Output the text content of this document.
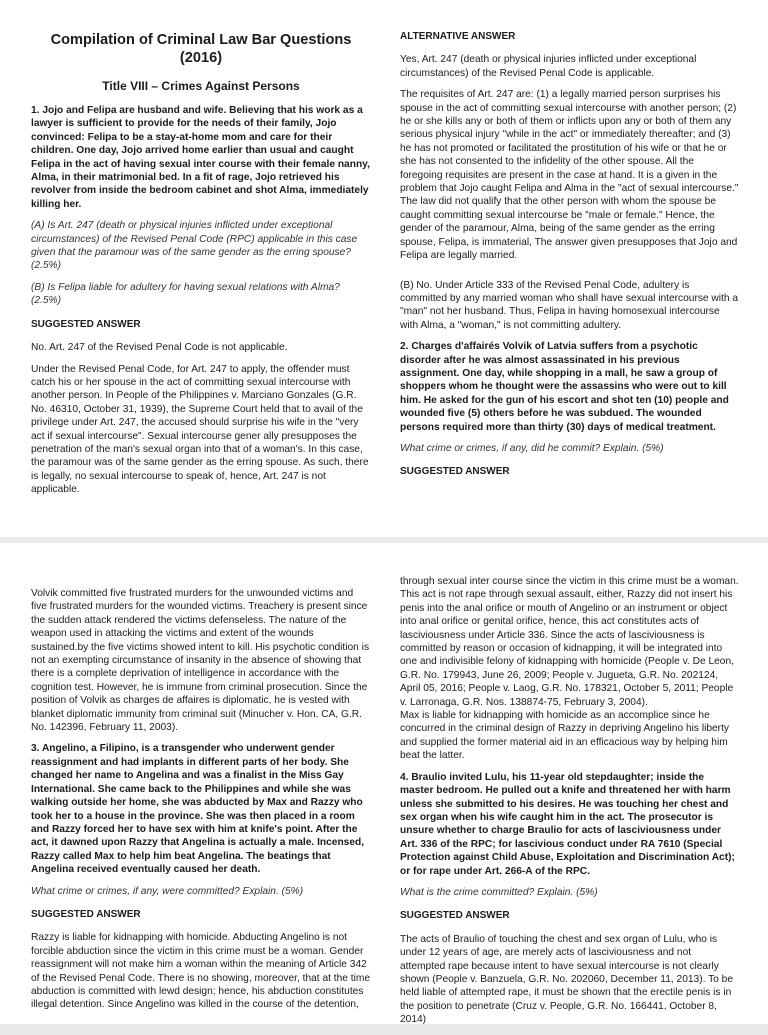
Compilation of Criminal Law Bar Questions (2016)
Title VIII – Crimes Against Persons

1. Jojo and Felipa are husband and wife. Believing that his work as a lawyer is sufficient to provide for the needs of their family, Jojo convinced: Felipa to be a stay-at-home mom and care for their children. One day, Jojo arrived home earlier than usual and caught Felipa in the act of having sexual inter course with their female nanny, Alma, in their matrimonial bed. In a fit of rage, Jojo retrieved his revolver from inside the bedroom cabinet and shot Alma, immediately killing her.

(A) Is Art. 247 (death or physical injuries inflicted under exceptional circumstances) of the Revised Penal Code (RPC) applicable in this case given that the paramour was of the same gender as the erring spouse? (2.5%)

(B) Is Felipa liable for adultery for having sexual relations with Alma? (2.5%)

SUGGESTED ANSWER

No. Art. 247 of the Revised Penal Code is not applicable.

Under the Revised Penal Code, for Art. 247 to apply, the offender must catch his or her spouse in the act of committing sexual intercourse with another person. In People of the Philippines v. Marciano Gonzales (G.R. No. 46310, October 31, 1939), the Supreme Court held that to avail of the privilege under Art. 247, the accused should surprise his wife in the "very act if sexual intercourse". Sexual intercourse gener ally presupposes the penetration of the man's sexual organ into that of a woman's. In this case, the paramour was of the same gender as the erring spouse. As such, there is legally, no sexual intercourse to speak of, hence, Art. 247 is not applicable.

ALTERNATIVE ANSWER

Yes, Art. 247 (death or physical injuries inflicted under exceptional circumstances) of the Revised Penal Code is applicable.

The requisites of Art. 247 are: (1) a legally married person surprises his spouse in the act of committing sexual intercourse with another person; (2) he or she kills any or both of them or inflicts upon any or both of them any serious physical injury "while in the act" or immediately thereafter; and (3) he has not promoted or facilitated the prostitution of his wife or that he or she has not consented to the infidelity of the other spouse. All the foregoing requisites are present in the case at hand. It is a given in the problem that Jojo caught Felipa and Alma in the "act of sexual intercourse." The law did not qualify that the other person with whom the spouse be caught committing sexual intercourse be "male or female." Hence, the gender of the paramour, Alma, being of the same gender as the erring spouse, Felipa, is immaterial, The answer given presupposes that Jojo and Felipa are legally married.

(B) No. Under Article 333 of the Revised Penal Code, adultery is committed by any married woman who shall have sexual intercourse with a "man" not her husband. Thus, Felipa in having homosexual intercourse with Alma, a "woman," is not committing adultery.

2. Charges d'affairés Volvik of Latvia suffers from a psychotic disorder after he was almost assassinated in his previous assignment. One day, while shopping in a mall, he saw a group of shoppers whom he thought were the assassins who were out to kill him. He asked for the gun of his escort and shot ten (10) people and wounded five (5) others before he was subdued. The wounded persons required more than thirty (30) days of medical treatment.

What crime or crimes, if any, did he commit? Explain. (5%)

SUGGESTED ANSWER

Volvik committed five frustrated murders for the unwounded victims and five frustrated murders for the wounded victims. Treachery is present since the sudden attack rendered the victims defenseless. The nature of the weapon used in attacking the victims and extent of the wounds sustained.by the five victims showed intent to kill. His psychotic condition is not an exempting circumstance of insanity in the absence of showing that there is a complete deprivation of intelligence in accordance with the cognition test. However, he is immune from criminal prosecution. Since the position of Volvik as charges de affaires is diplomatic, he is vested with blanket diplomatic immunity from criminal suit (Minucher v. Hon. CA, G.R. No. 142396, February 11, 2003).

3. Angelino, a Filipino, is a transgender who underwent gender reassignment and had implants in different parts of her body. She changed her name to Angelina and was a finalist in the Miss Gay International. She came back to the Philippines and while she was walking outside her home, she was abducted by Max and Razzy who took her to a house in the province. She was then placed in a room and Razzy forced her to have sex with him at knife's point. After the act, it dawned upon Razzy that Angelina is actually a male. Incensed, Razzy called Max to help him beat Angelina. The beatings that Angelina received eventually caused her death.

What crime or crimes, if any, were committed? Explain. (5%)

SUGGESTED ANSWER

Razzy is liable for kidnapping with homicide. Abducting Angelino is not forcible abduction since the victim in this crime must be a woman. Gender reassignment will not make him a woman within the meaning of Article 342 of the Revised Penal Code. There is no showing, moreover, that at the time abduction is committed with lewd design; hence, his abduction constitutes illegal detention. Since Angelino was killed in the course of the detention,

through sexual inter course since the victim in this crime must be a woman. This act is not rape through sexual assault, either, Razzy did not insert his penis into the anal orifice or mouth of Angelino or an instrument or object into anal orifice or genital orifice, hence, this act constitutes acts of lasciviousness under Article 336. Since the acts of lasciviousness is committed by reason or occasion of kidnapping, it will be integrated into one and indivisible felony of kidnapping with homicide (People v. De Leon, G.R. No. 179943, June 26, 2009; People v. Jugueta, G.R. No. 202124, April 05, 2016; People v. Laog, G.R. No. 178321, October 5, 2011; People v. Larronaga, G.R. Nos. 138874-75, February 3, 2004).

Max is liable for kidnapping with homicide as an accomplice since he concurred in the criminal design of Razzy in depriving Angelino his liberty and supplied the former material aid in an efficacious way by helping him beat the latter.

4. Braulio invited Lulu, his 11-year old stepdaughter; inside the master bedroom. He pulled out a knife and threatened her with harm unless she submitted to his desires. He was touching her chest and sex organ when his wife caught him in the act. The prosecutor is unsure whether to charge Braulio for acts of lasciviousness under Art. 336 of the RPC; for lascivious conduct under RA 7610 (Special Protection against Child Abuse, Exploitation and Discrimination Act); or for rape under Art. 266-A of the RPC.

What is the crime committed? Explain. (5%)

SUGGESTED ANSWER

The acts of Braulio of touching the chest and sex organ of Lulu, who is under 12 years of age, are merely acts of lasciviousness and not attempted rape because intent to have sexual intercourse is not clearly shown (People v. Banzuela, G.R. No. 202060, December 11, 2013). To be held liable of attempted rape, it must be shown that the erectile penis is in the position to penetrate (Cruz v. People, G.R. No. 166441, October 8, 2014)
